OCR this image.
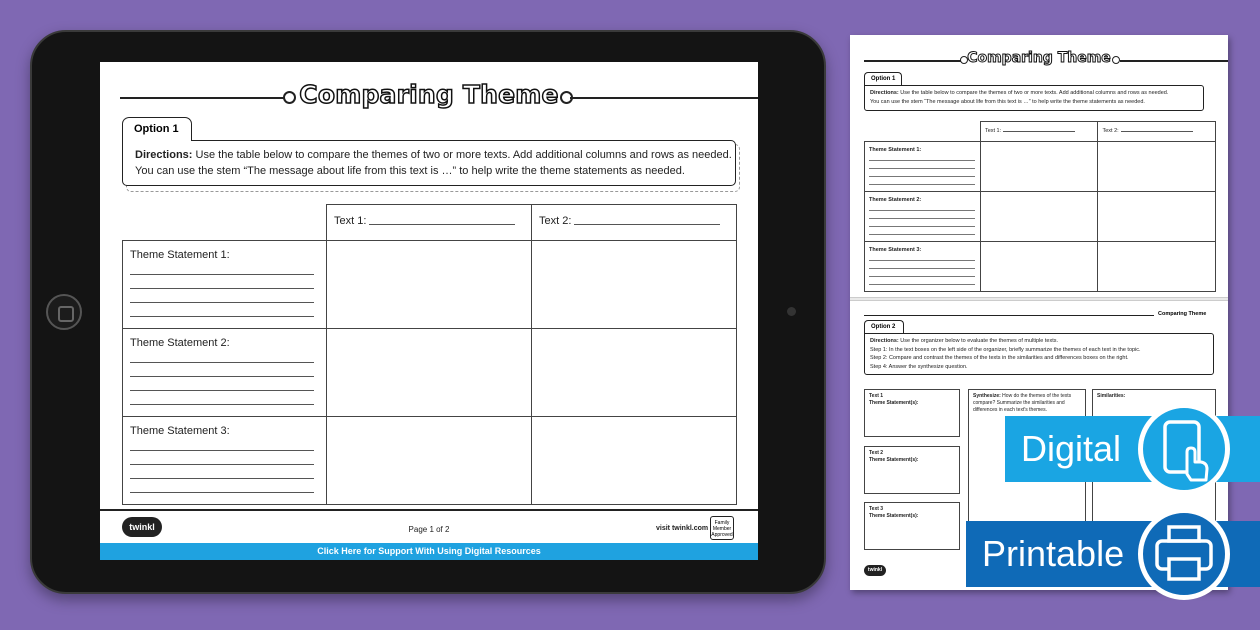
Comparing Theme
Option 1
Directions: Use the table below to compare the themes of two or more texts. Add additional columns and rows as needed.
You can use the stem “The message about life from this text is …” to help write the theme statements as needed.
	Text 1:	Text 2:

Theme Statement 1:		

Theme Statement 2:		

Theme Statement 3:		

twinkl	Page 1 of 2	visit twinkl.com
Family Member Approved
Click Here for Support With Using Digital Resources
Comparing Theme
Option 1
Directions: Use the table below to compare the themes of two or more texts. Add additional columns and rows as needed.
You can use the stem “The message about life from this text is …” to help write the theme statements as needed.
	Text 1:	Text 2:

Theme Statement 1:		

Theme Statement 2:		

Theme Statement 3:		

Comparing Theme
Option 2
Directions: Use the organizer below to evaluate the themes of multiple texts.
Step 1: In the text boxes on the left side of the organizer, briefly summarize the themes of each text in the topic.
Step 2: Compare and contrast the themes of the texts in the similarities and differences boxes on the right.
Step 4: Answer the synthesize question.
Text 1
Theme Statement(s):
Text 2
Theme Statement(s):
Text 3
Theme Statement(s):
Synthesize: How do the themes of the texts compare? Summarize the similarities and differences in each text's themes.
Similarities:
twinkl
Digital
Printable
